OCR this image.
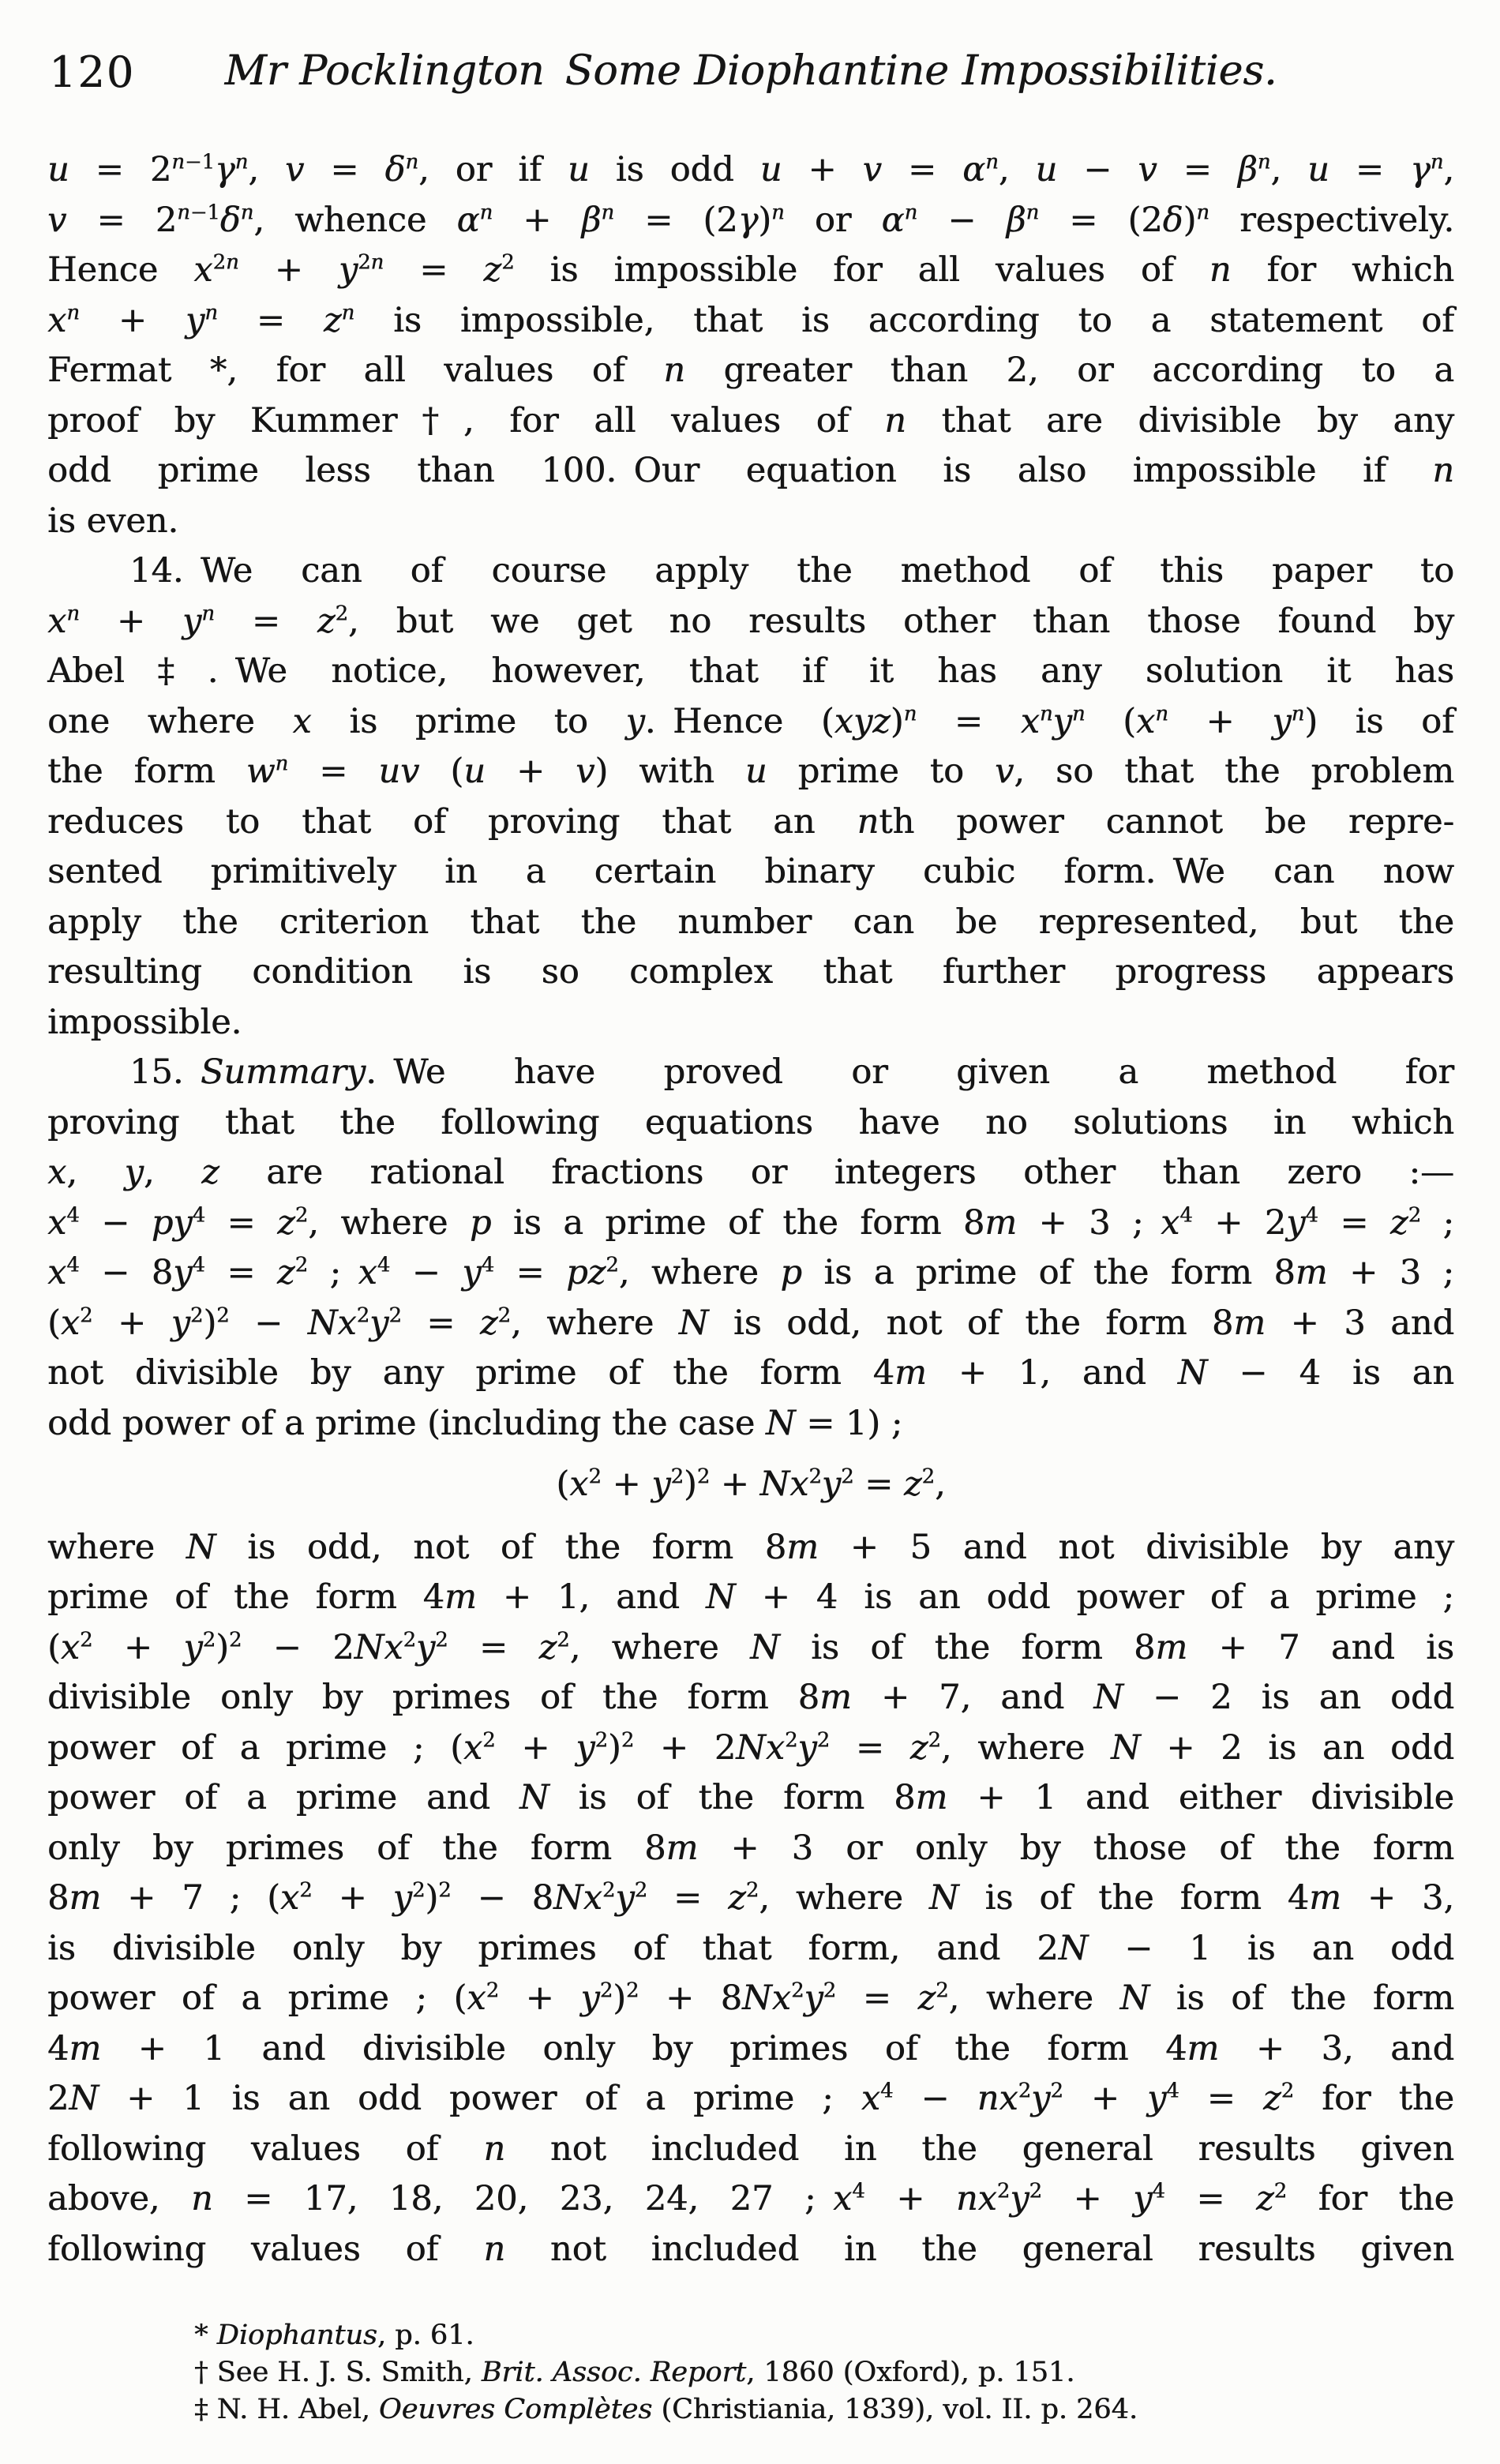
120	Mr Pocklington Some Diophantine Impossibilities.
$u = 2^{n-1}\gamma^n$, $v = \delta^n$, or if u is odd $u + v = \alpha^n$, $u - v = \beta^n$, $u = \gamma^n$,
$v = 2^{n-1}\delta^n$, whence $\alpha^n + \beta^n = (2\gamma)^n$ or $\alpha^n - \beta^n = (2\delta)^n$ respectively.
Hence $x^{2n} + y^{2n} = z^2$ is impossible for all values of n for which
$x^n + y^n = z^n$ is impossible, that is according to a statement of
Fermat *, for all values of n greater than 2, or according to a
proof by Kummer†, for all values of n that are divisible by any
odd prime less than 100. Our equation is also impossible if n
is even.
14. We can of course apply the method of this paper to
$x^n + y^n = z^2$, but we get no results other than those found by
Abel‡. We notice, however, that if it has any solution it has
one where x is prime to y. Hence $(xyz)^n = x^ny^n$ $(x^n + y^n)$ is of
the form $w^n$ = uv (u + v) with u prime to v, so that the problem
reduces to that of proving that an nth power cannot be repre-
sented primitively in a certain binary cubic form. We can now
apply the criterion that the number can be represented, but the
resulting condition is so complex that further progress appears
impossible.
15. Summary. We have proved or given a method for
proving that the following equations have no solutions in which
x, y, z are rational fractions or integers other than zero :—
$x^4 - py^4 = z^2$, where p is a prime of the form 8m + 3 ; $x^4 + 2y^4 = z^2$ ;
$x^4 - 8y^4 = z^2$ ; $x^4 - y^4 = pz^2$, where p is a prime of the form 8m + 3 ;
$(x^2 + y^2)^2 - Nx^2y^2 = z^2$, where N is odd, not of the form 8m + 3 and
not divisible by any prime of the form 4m + 1, and N − 4 is an
odd power of a prime (including the case N = 1) ;
$(x^2 + y^2)^2 + Nx^2y^2 = z^2$,
where N is odd, not of the form 8m + 5 and not divisible by any
prime of the form 4m + 1, and N + 4 is an odd power of a prime ;
$(x^2 + y^2)^2 - 2Nx^2y^2 = z^2$, where N is of the form 8m + 7 and is
divisible only by primes of the form 8m + 7, and N − 2 is an odd
power of a prime ; $(x^2 + y^2)^2 + 2Nx^2y^2 = z^2$, where N + 2 is an odd
power of a prime and N is of the form 8m + 1 and either divisible
only by primes of the form 8m + 3 or only by those of the form
8m + 7 ; $(x^2 + y^2)^2 - 8Nx^2y^2 = z^2$, where N is of the form 4m + 3,
is divisible only by primes of that form, and 2N − 1 is an odd
power of a prime ; $(x^2 + y^2)^2 + 8Nx^2y^2 = z^2$, where N is of the form
4m + 1 and divisible only by primes of the form 4m + 3, and
2N + 1 is an odd power of a prime ; $x^4 - nx^2y^2 + y^4 = z^2$ for the
following values of n not included in the general results given
above, n = 17, 18, 20, 23, 24, 27 ; $x^4 + nx^2y^2 + y^4 = z^2$ for the
following values of n not included in the general results given
* Diophantus, p. 61.
† See H. J. S. Smith, Brit. Assoc. Report, 1860 (Oxford), p. 151.
‡ N. H. Abel, Oeuvres Complètes (Christiania, 1839), vol. II. p. 264.
